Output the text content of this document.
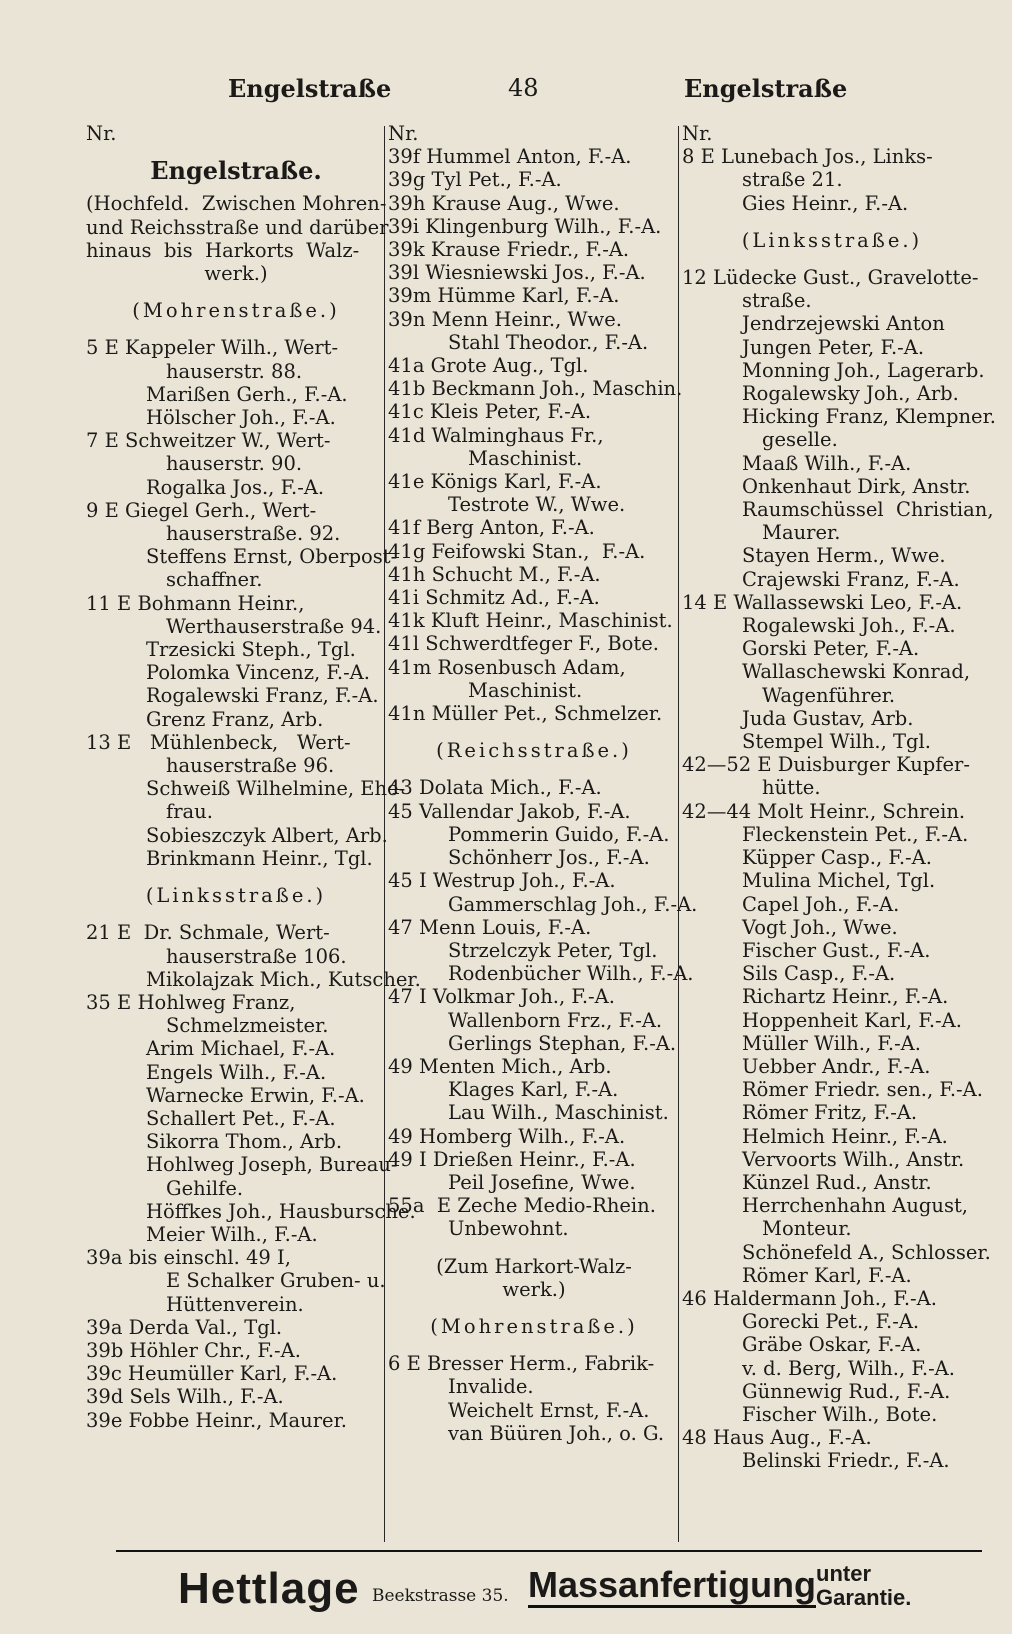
Engelstraße	48	Engelstraße
Nr.
Engelstraße.
(Hochfeld.  Zwischen Mohren-
und Reichsstraße und darüber
hinaus  bis  Harkorts  Walz-
werk.)
(Mohrenstraße.)
5 E Kappeler Wilh., Wert-
hauserstr. 88.
Marißen Gerh., F.-A.
Hölscher Joh., F.-A.
7 E Schweitzer W., Wert-
hauserstr. 90.
Rogalka Jos., F.-A.
9 E Giegel Gerh., Wert-
hauserstraße. 92.
Steffens Ernst, Oberpost-
schaffner.
11 E Bohmann Heinr.,
Werthauserstraße 94.
Trzesicki Steph., Tgl.
Polomka Vincenz, F.-A.
Rogalewski Franz, F.-A.
Grenz Franz, Arb.
13 E   Mühlenbeck,   Wert-
hauserstraße 96.
Schweiß Wilhelmine, Ehe-
frau.
Sobieszczyk Albert, Arb.
Brinkmann Heinr., Tgl.
(Linksstraße.)
21 E  Dr. Schmale, Wert-
hauserstraße 106.
Mikolajzak Mich., Kutscher.
35 E Hohlweg Franz,
Schmelzmeister.
Arim Michael, F.-A.
Engels Wilh., F.-A.
Warnecke Erwin, F.-A.
Schallert Pet., F.-A.
Sikorra Thom., Arb.
Hohlweg Joseph, Bureau-
Gehilfe.
Höffkes Joh., Hausbursche.
Meier Wilh., F.-A.
39a bis einschl. 49 I,
E Schalker Gruben- u.
Hüttenverein.
39a Derda Val., Tgl.
39b Höhler Chr., F.-A.
39c Heumüller Karl, F.-A.
39d Sels Wilh., F.-A.
39e Fobbe Heinr., Maurer.
Nr.
39f Hummel Anton, F.-A.
39g Tyl Pet., F.-A.
39h Krause Aug., Wwe.
39i Klingenburg Wilh., F.-A.
39k Krause Friedr., F.-A.
39l Wiesniewski Jos., F.-A.
39m Hümme Karl, F.-A.
39n Menn Heinr., Wwe.
Stahl Theodor., F.-A.
41a Grote Aug., Tgl.
41b Beckmann Joh., Maschin.
41c Kleis Peter, F.-A.
41d Walminghaus Fr.,
Maschinist.
41e Königs Karl, F.-A.
Testrote W., Wwe.
41f Berg Anton, F.-A.
41g Feifowski Stan.,  F.-A.
41h Schucht M., F.-A.
41i Schmitz Ad., F.-A.
41k Kluft Heinr., Maschinist.
41l Schwerdtfeger F., Bote.
41m Rosenbusch Adam,
Maschinist.
41n Müller Pet., Schmelzer.
(Reichsstraße.)
43 Dolata Mich., F.-A.
45 Vallendar Jakob, F.-A.
Pommerin Guido, F.-A.
Schönherr Jos., F.-A.
45 I Westrup Joh., F.-A.
Gammerschlag Joh., F.-A.
47 Menn Louis, F.-A.
Strzelczyk Peter, Tgl.
Rodenbücher Wilh., F.-A.
47 I Volkmar Joh., F.-A.
Wallenborn Frz., F.-A.
Gerlings Stephan, F.-A.
49 Menten Mich., Arb.
Klages Karl, F.-A.
Lau Wilh., Maschinist.
49 Homberg Wilh., F.-A.
49 I Drießen Heinr., F.-A.
Peil Josefine, Wwe.
55a  E Zeche Medio-Rhein.
Unbewohnt.
(Zum Harkort-Walz-
werk.)
(Mohrenstraße.)
6 E Bresser Herm., Fabrik-
Invalide.
Weichelt Ernst, F.-A.
van Büüren Joh., o. G.
Nr.
8 E Lunebach Jos., Links-
straße 21.
Gies Heinr., F.-A.
(Linksstraße.)
12 Lüdecke Gust., Gravelotte-
straße.
Jendrzejewski Anton
Jungen Peter, F.-A.
Monning Joh., Lagerarb.
Rogalewsky Joh., Arb.
Hicking Franz, Klempner.
geselle.
Maaß Wilh., F.-A.
Onkenhaut Dirk, Anstr.
Raumschüssel  Christian,
Maurer.
Stayen Herm., Wwe.
Crajewski Franz, F.-A.
14 E Wallassewski Leo, F.-A.
Rogalewski Joh., F.-A.
Gorski Peter, F.-A.
Wallaschewski Konrad,
Wagenführer.
Juda Gustav, Arb.
Stempel Wilh., Tgl.
42—52 E Duisburger Kupfer-
hütte.
42—44 Molt Heinr., Schrein.
Fleckenstein Pet., F.-A.
Küpper Casp., F.-A.
Mulina Michel, Tgl.
Capel Joh., F.-A.
Vogt Joh., Wwe.
Fischer Gust., F.-A.
Sils Casp., F.-A.
Richartz Heinr., F.-A.
Hoppenheit Karl, F.-A.
Müller Wilh., F.-A.
Uebber Andr., F.-A.
Römer Friedr. sen., F.-A.
Römer Fritz, F.-A.
Helmich Heinr., F.-A.
Vervoorts Wilh., Anstr.
Künzel Rud., Anstr.
Herrchenhahn August,
Monteur.
Schönefeld A., Schlosser.
Römer Karl, F.-A.
46 Haldermann Joh., F.-A.
Gorecki Pet., F.-A.
Gräbe Oskar, F.-A.
v. d. Berg, Wilh., F.-A.
Günnewig Rud., F.-A.
Fischer Wilh., Bote.
48 Haus Aug., F.-A.
Belinski Friedr., F.-A.
Hettlage Beekstrasse 35. Massanfertigung unter
Garantie.
